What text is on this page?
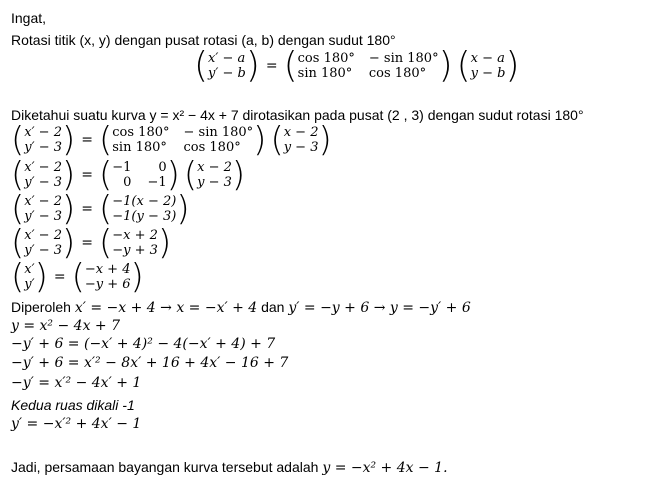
Ingat,
Rotasi titik (x, y) dengan pusat rotasi (a, b) dengan sudut 180°
( x′ − a
y′ − b ) = ( cos 180° − sin 180°
sin 180° cos 180° ) ( x − a
y − b )
Diketahui suatu kurva y = x² − 4x + 7 dirotasikan pada pusat (2 , 3) dengan sudut rotasi 180°
( x′ − 2
y′ − 3 ) = ( cos 180° − sin 180°
sin 180° cos 180° ) ( x − 2
y − 3 )
( x′ − 2
y′ − 3 ) = ( −1	0
0 −1 ) ( x − 2
y − 3 )
( x′ − 2
y′ − 3 ) = ( −1(x − 2)
−1(y − 3) )
( x′ − 2
y′ − 3 ) = ( −x + 2
−y + 3 )
( x′
y′ ) = ( −x + 4
−y + 6 )
Diperoleh x′ = −x + 4 → x = −x′ + 4 dan y′ = −y + 6 → y = −y′ + 6
y = x² − 4x + 7
−y′ + 6 = (−x′ + 4)² − 4(−x′ + 4) + 7
−y′ + 6 = x′² − 8x′ + 16 + 4x′ − 16 + 7
−y′ = x′² − 4x′ + 1
Kedua ruas dikali -1
y′ = −x′² + 4x′ − 1
Jadi, persamaan bayangan kurva tersebut adalah y = −x² + 4x − 1.
